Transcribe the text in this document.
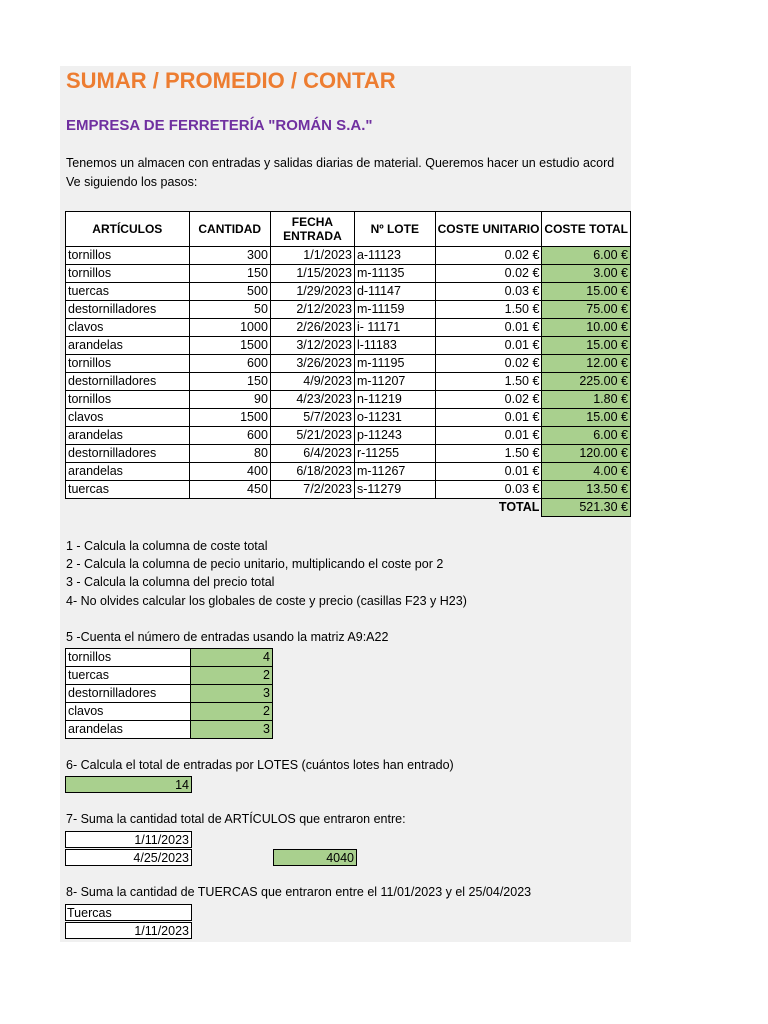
SUMAR / PROMEDIO / CONTAR
EMPRESA DE FERRETERÍA "ROMÁN S.A."
Tenemos un almacen con entradas y salidas diarias de material. Queremos hacer un estudio acord
Ve siguiendo los pasos:
ARTÍCULOS	CANTIDAD	FECHA ENTRADA	Nº LOTE	COSTE UNITARIO	COSTE TOTAL
tornillos	300	1/1/2023	a-11123	0.02 €	6.00 €
tornillos	150	1/15/2023	m-11135	0.02 €	3.00 €
tuercas	500	1/29/2023	d-11147	0.03 €	15.00 €
destornilladores	50	2/12/2023	m-11159	1.50 €	75.00 €
clavos	1000	2/26/2023	i- 11171	0.01 €	10.00 €
arandelas	1500	3/12/2023	l-11183	0.01 €	15.00 €
tornillos	600	3/26/2023	m-11195	0.02 €	12.00 €
destornilladores	150	4/9/2023	m-11207	1.50 €	225.00 €
tornillos	90	4/23/2023	n-11219	0.02 €	1.80 €
clavos	1500	5/7/2023	o-11231	0.01 €	15.00 €
arandelas	600	5/21/2023	p-11243	0.01 €	6.00 €
destornilladores	80	6/4/2023	r-11255	1.50 €	120.00 €
arandelas	400	6/18/2023	m-11267	0.01 €	4.00 €
tuercas	450	7/2/2023	s-11279	0.03 €	13.50 €
				TOTAL	521.30 €
1 - Calcula la columna de coste total
2 - Calcula la columna de pecio unitario, multiplicando el coste por 2
3 - Calcula la columna del precio total
4- No olvides calcular los globales de coste y precio (casillas F23 y H23)
5 -Cuenta el número de entradas usando la matriz A9:A22
tornillos	4
tuercas	2
destornilladores	3
clavos	2
arandelas	3
6- Calcula el total de entradas por LOTES (cuántos lotes han entrado)
14
7- Suma la cantidad total de ARTÍCULOS que entraron entre:
1/11/2023
4/25/2023	4040
8- Suma la cantidad de TUERCAS que entraron entre el 11/01/2023 y el 25/04/2023
Tuercas
1/11/2023
